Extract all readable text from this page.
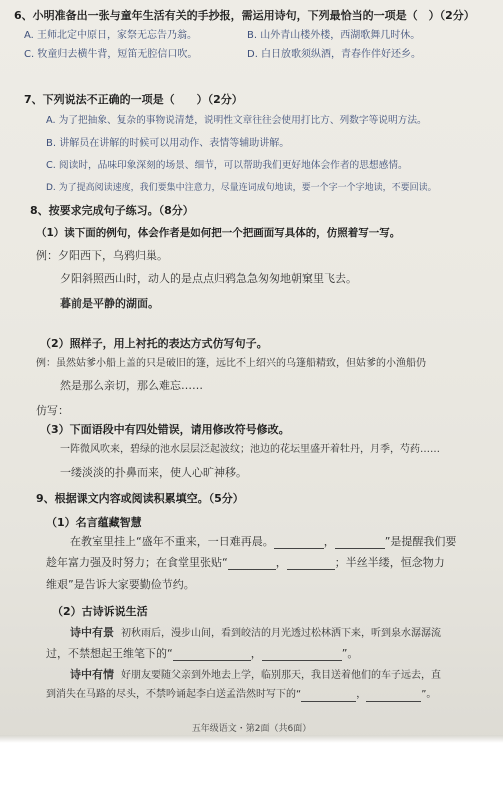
6、小明准备出一张与童年生活有关的手抄报，需运用诗句，下列最恰当的一项是（　）（2分）
A. 王师北定中原日，家祭无忘告乃翁。	B. 山外青山楼外楼，西湖歌舞几时休。
C. 牧童归去横牛背，短笛无腔信口吹。	D. 白日放歌须纵酒，青春作伴好还乡。
7、下列说法不正确的一项是（　　）（2分）
A. 为了把抽象、复杂的事物说清楚，说明性文章往往会使用打比方、列数字等说明方法。
B. 讲解员在讲解的时候可以用动作、表情等辅助讲解。
C. 阅读时，品味印象深刻的场景、细节，可以帮助我们更好地体会作者的思想感情。
D. 为了提高阅读速度，我们要集中注意力，尽量连词成句地读，要一个字一个字地读，不要回读。
8、按要求完成句子练习。（8分）
（1）读下面的例句，体会作者是如何把一个把画面写具体的，仿照着写一写。
例：夕阳西下，乌鸦归巢。
夕阳斜照西山时，动人的是点点归鸦急急匆匆地朝窠里飞去。
暮前是平静的湖面。
（2）照样子，用上衬托的表达方式仿写句子。
例：虽然姑爹小船上盖的只是破旧的篷，远比不上绍兴的乌篷船精致，但姑爹的小渔船仍
然是那么亲切，那么难忘……
仿写：
（3）下面语段中有四处错误，请用修改符号修改。
一阵微风吹来，碧绿的池水层层泛起波纹；池边的花坛里盛开着牡丹，月季，芍药……
一缕淡淡的扑鼻而来，使人心旷神移。
9、根据课文内容或阅读积累填空。（5分）
（1）名言蕴藏智慧
在教室里挂上“盛年不重来，一日难再晨。	，	”是提醒我们要
趁年富力强及时努力；在食堂里张贴“	，	；半丝半缕，恒念物力
维艰”是告诉大家要勤俭节约。
（2）古诗诉说生活
诗中有景 初秋雨后，漫步山间，看到皎洁的月光透过松林洒下来，听到泉水潺潺流
过，不禁想起王维笔下的“	，	”。
诗中有情 好朋友要随父亲到外地去上学，临别那天，我目送着他们的车子远去，直
到消失在马路的尽头，不禁吟诵起李白送孟浩然时写下的“	，	”。
五年级语文・第2面（共6面）
